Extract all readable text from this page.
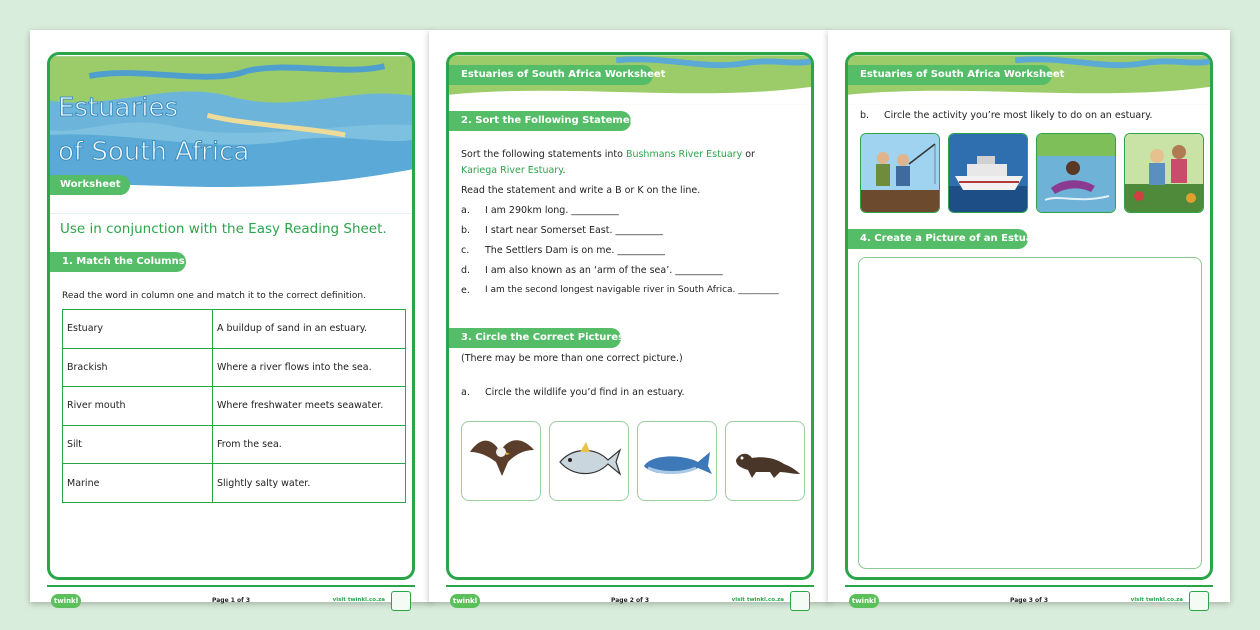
Estuaries
of South Africa
Worksheet
Use in conjunction with the Easy Reading Sheet.
1. Match the Columns
Read the word in column one and match it to the correct definition.
Estuary	A buildup of sand in an estuary.
Brackish	Where a river flows into the sea.
River mouth	Where freshwater meets seawater.
Silt	From the sea.
Marine	Slightly salty water.
twinkl	Page 1 of 3	visit twinkl.co.za
Estuaries of South Africa Worksheet
2. Sort the Following Statements
Sort the following statements into Bushmans River Estuary or
Kariega River Estuary.
Read the statement and write a B or K on the line.
a. I am 290km long. __________
b. I start near Somerset East. __________
c. The Settlers Dam is on me. __________
d. I am also known as an ‘arm of the sea’. __________
e. I am the second longest navigable river in South Africa. _________
3. Circle the Correct Pictures
(There may be more than one correct picture.)
a. Circle the wildlife you’d find in an estuary.
twinkl	Page 2 of 3	visit twinkl.co.za
Estuaries of South Africa Worksheet
b. Circle the activity you’re most likely to do on an estuary.
4. Create a Picture of an Estuary
twinkl	Page 3 of 3	visit twinkl.co.za
